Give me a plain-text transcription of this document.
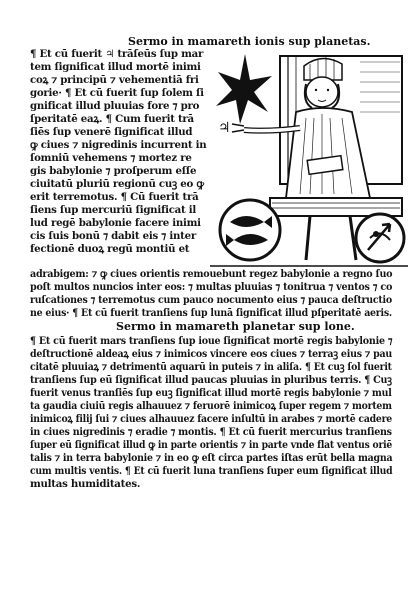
Sermo in mamareth ionis sup planetas.
♃
¶ Et cū fuerit ♃ trāſeūs ſup mar
tem ſignificat illud mortē inimi
coꝝ ⁊ principū ⁊ vehementiā fri
gorie· ¶ Et cū fuerit ſup ſolem ſi
gnificat illud pluuias fore ⁊ pro
ſperitatē eaꝝ. ¶ Cum fuerit trā
ſiēs ſup venerē ſignificat illud
ꝙ ciues ⁊ nigredinis incurrent in
ſomniū vehemens ⁊ mortez re
gis babylonie ⁊ proſperum eſſe
ciuitatū pluriū regionū cuꝫ eo ꝙ
erit terremotus. ¶ Cū fuerit trā
ſiens ſup mercuriū ſignificat il
lud regē babylonie facere inimi
cis ſuis bonū ⁊ dabit eis ⁊ inter
fectionē duoꝝ regū montiū et
adrabigem: ⁊ ꝙ ciues orientis remouebunt regez babylonie a regno ſuo
poſt multos nuncios inter eos: ⁊ multas pluuias ⁊ tonitrua ⁊ ventos ⁊ co
ruſcationes ⁊ terremotus cum pauco nocumento eius ⁊ pauca deſtructio
ne eius· ¶ Et cū fuerit tranſiens ſup lunā ſignificat illud pſperitatē aeris.
Sermo in mamareth planetar sup lone.
¶ Et cū fuerit mars tranſiens ſup ioue ſignificat mortē regis babylonie ⁊
deſtructionē aldeaꝝ eius ⁊ inimicos vincere eos ciues ⁊ terraꝫ eius ⁊ pau
citatē pluuiaꝝ ⁊ detrimentū aquarū in puteis ⁊ in aliſa. ¶ Et cuꝫ ſol fuerit
tranſiens ſup eū ſignificat illud paucas pluuias in pluribus terris. ¶ Cuꝫ
fuerit venus tranſiēs ſup euꝫ ſignificat illud mortē regis babylonie ⁊ mul
ta gaudia ciuiū regis alhauuez ⁊ feruorē inimicoꝝ ſuper regem ⁊ mortem
inimicoꝝ filij ſui ⁊ ciues alhauuez facere inſultū in arabes ⁊ mortē cadere
in ciues nigredinis ⁊ eradie ⁊ montis. ¶ Et cū fuerit mercurius tranſiens
ſuper eū ſignificat illud ꝙ in parte orientis ⁊ in parte vnde flat ventus oriē
talis ⁊ in terra babylonie ⁊ in eo ꝙ eſt circa partes iſtas erūt bella magna
cum multis ventis. ¶ Et cū fuerit luna tranſiens ſuper eum ſignificat illud
multas humiditates.
